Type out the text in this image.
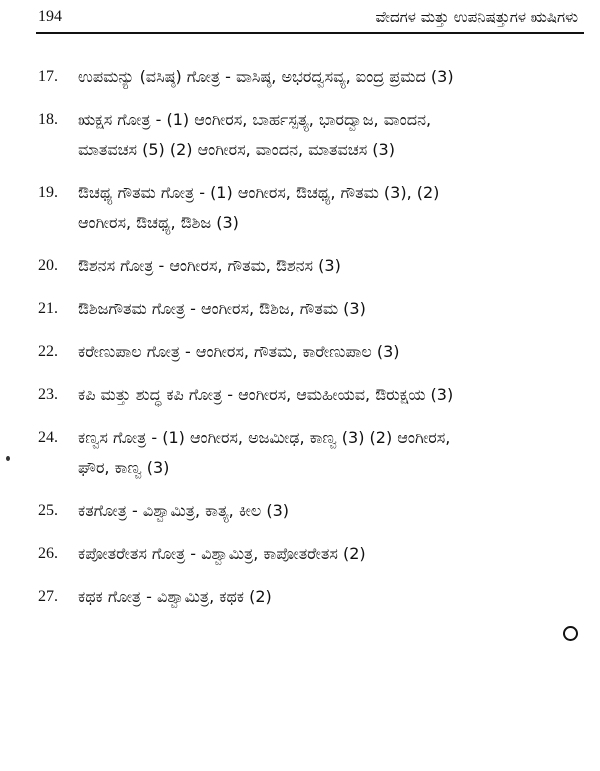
194	ವೇದಗಳ ಮತ್ತು ಉಪನಿಷತ್ತುಗಳ ಋಷಿಗಳು
17. ಉಪಮನ್ಯು (ವಸಿಷ್ಠ) ಗೋತ್ರ - ವಾಸಿಷ್ಠ, ಅಭರದ್ವಸವ್ಯ, ಐಂದ್ರ ಪ್ರಮದ (3)
18. ಋಕ್ಷಸ ಗೋತ್ರ - (1) ಆಂಗೀರಸ, ಬಾರ್ಹಸ್ಪತ್ಯ, ಭಾರದ್ವಾಜ, ವಾಂದನ,
ಮಾತವಚಸ (5) (2) ಆಂಗೀರಸ, ವಾಂದನ, ಮಾತವಚಸ (3)
19. ಔಚಥ್ಯ ಗೌತಮ ಗೋತ್ರ - (1) ಆಂಗೀರಸ, ಔಚಥ್ಯ, ಗೌತಮ (3), (2)
ಆಂಗೀರಸ, ಔಚಥ್ಯ, ಔಶಿಜ (3)
20. ಔಶನಸ ಗೋತ್ರ - ಆಂಗೀರಸ, ಗೌತಮ, ಔಶನಸ (3)
21. ಔಶಿಜಗೌತಮ ಗೋತ್ರ - ಆಂಗೀರಸ, ಔಶಿಜ, ಗೌತಮ (3)
22. ಕರೇಣುಪಾಲ ಗೋತ್ರ - ಆಂಗೀರಸ, ಗೌತಮ, ಕಾರೇಣುಪಾಲ (3)
23. ಕಪಿ ಮತ್ತು ಶುದ್ಧ ಕಪಿ ಗೋತ್ರ - ಆಂಗೀರಸ, ಆಮಹೀಯವ, ಔರುಕ್ಷಯ (3)
24. ಕಣ್ವಸ ಗೋತ್ರ - (1) ಆಂಗೀರಸ, ಅಜಮೀಢ, ಕಾಣ್ವ (3) (2) ಆಂಗೀರಸ,
ಘೌರ, ಕಾಣ್ವ (3)
25. ಕತಗೋತ್ರ - ವಿಶ್ವಾಮಿತ್ರ, ಕಾತ್ಯ, ಕೀಲ (3)
26. ಕಪೋತರೇತಸ ಗೋತ್ರ - ವಿಶ್ವಾಮಿತ್ರ, ಕಾಪೋತರೇತಸ (2)
27. ಕಥಕ ಗೋತ್ರ - ವಿಶ್ವಾಮಿತ್ರ, ಕಥಕ (2)
